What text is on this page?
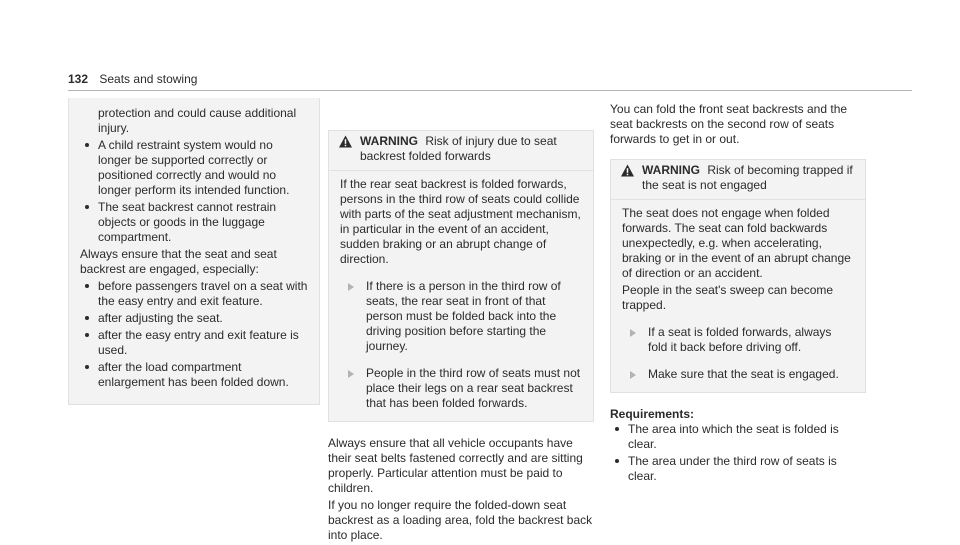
132 Seats and stowing

protection and could cause additional injury.

A child restraint system would no longer be supported correctly or positioned correctly and would no longer perform its intended function.
The seat backrest cannot restrain objects or goods in the luggage compartment.

Always ensure that the seat and seat backrest are engaged, especially:

before passengers travel on a seat with the easy entry and exit feature.
after adjusting the seat.
after the easy entry and exit feature is used.
after the load compartment enlargement has been folded down.
WARNING Risk of injury due to seat backrest folded forwards

If the rear seat backrest is folded forwards, persons in the third row of seats could collide with parts of the seat adjustment mechanism, in particular in the event of an accident, sudden braking or an abrupt change of direction.

If there is a person in the third row of seats, the rear seat in front of that person must be folded back into the driving position before starting the journey.
People in the third row of seats must not place their legs on a rear seat backrest that has been folded forwards.

Always ensure that all vehicle occupants have their seat belts fastened correctly and are sitting properly. Particular attention must be paid to children.

If you no longer require the folded-down seat backrest as a loading area, fold the backrest back into place.

You can fold the front seat backrests and the seat backrests on the second row of seats forwards to get in or out.

WARNING Risk of becoming trapped if the seat is not engaged

The seat does not engage when folded forwards. The seat can fold backwards unexpectedly, e.g. when accelerating, braking or in the event of an abrupt change of direction or an accident.

People in the seat's sweep can become trapped.

If a seat is folded forwards, always fold it back before driving off.
Make sure that the seat is engaged.
Requirements:
The area into which the seat is folded is clear.
The area under the third row of seats is clear.
